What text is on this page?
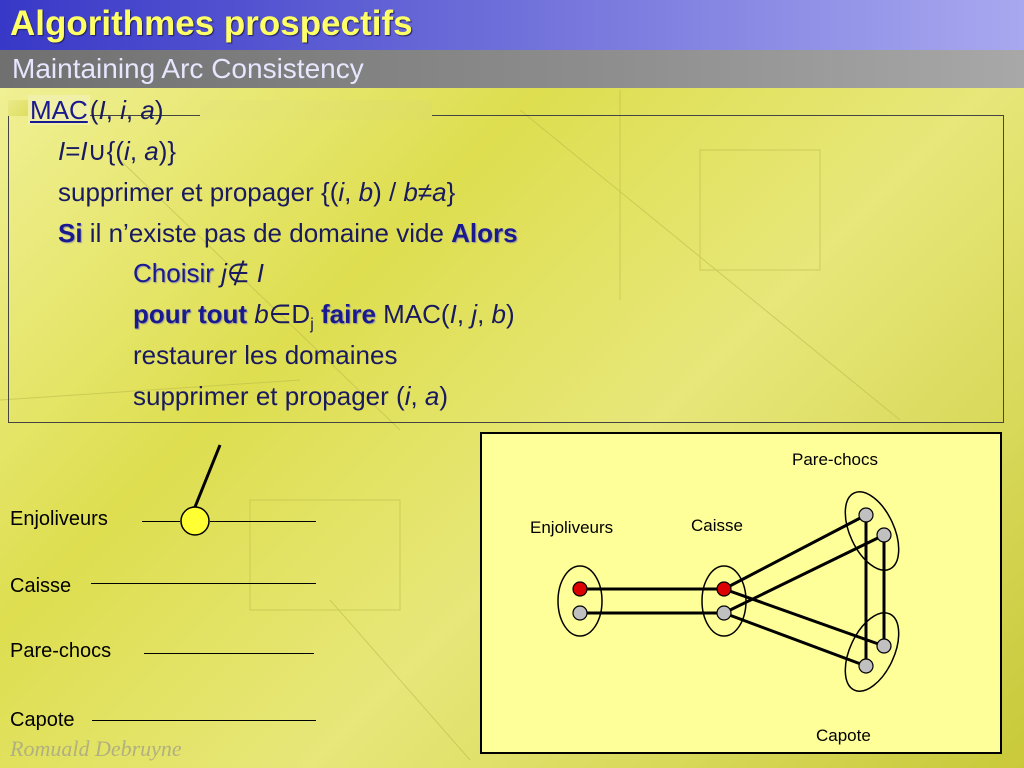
Algorithmes prospectifs
Maintaining Arc Consistency
MAC(I, i, a)
I=I∪{(i, a)}
supprimer et propager {(i, b) / b≠a}
Si il n’existe pas de domaine vide Alors
Choisir j∉ I
pour tout $b\in D_j$ faire MAC(I, j, b)
restaurer les domaines
supprimer et propager (i, a)
Enjoliveurs
Caisse
Pare-chocs
Capote
Pare-chocs
Enjoliveurs	Caisse
Capote
Romuald Debruyne
